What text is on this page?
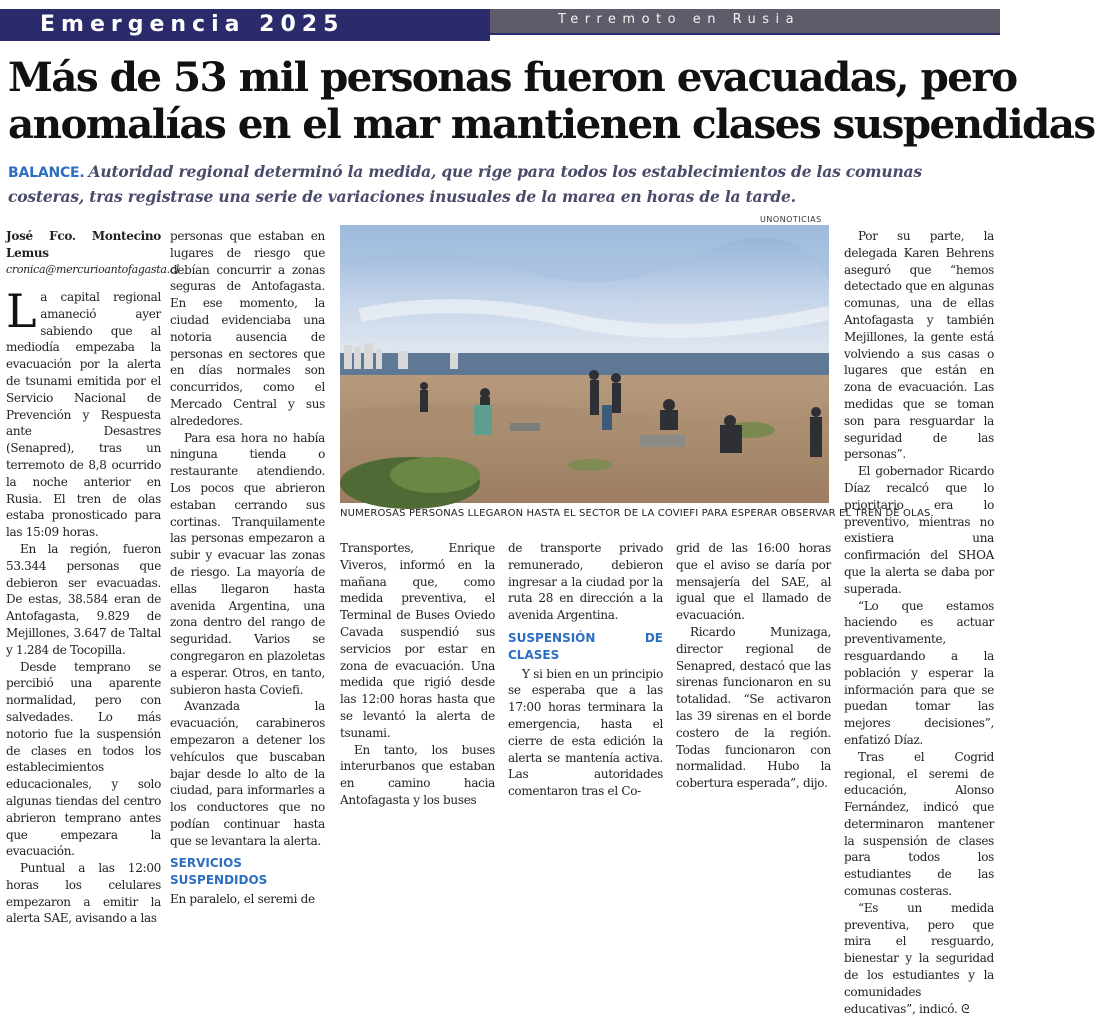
Emergencia 2025	Terremoto en Rusia
Más de 53 mil personas fueron evacuadas, pero
anomalías en el mar mantienen clases suspendidas
BALANCE. Autoridad regional determinó la medida, que rige para todos los establecimientos de las comunas costeras, tras registrase una serie de variaciones inusuales de la marea en horas de la tarde.
José Fco. Montecino Lemus
cronica@mercurioantofagasta.cl

La capital regional amaneció ayer sabiendo que al mediodía empezaba la evacuación por la alerta de tsunami emitida por el Servicio Nacional de Prevención y Respuesta ante Desastres (Senapred), tras un terremoto de 8,8 ocurrido la noche anterior en Rusia. El tren de olas estaba pronosticado para las 15:09 horas.

En la región, fueron 53.344 personas que debieron ser evacuadas. De estas, 38.584 eran de Antofagasta, 9.829 de Mejillones, 3.647 de Taltal y 1.284 de Tocopilla.

Desde temprano se percibió una aparente normalidad, pero con salvedades. Lo más notorio fue la suspensión de clases en todos los establecimientos educacionales, y solo algunas tiendas del centro abrieron temprano antes que empezara la evacuación.

Puntual a las 12:00 horas los celulares empezaron a emitir la alerta SAE, avisando a las

personas que estaban en lugares de riesgo que debían concurrir a zonas seguras de Antofagasta. En ese momento, la ciudad evidenciaba una notoria ausencia de personas en sectores que en días normales son concurridos, como el Mercado Central y sus alrededores.

Para esa hora no había ninguna tienda o restaurante atendiendo. Los pocos que abrieron estaban cerrando sus cortinas. Tranquilamente las personas empezaron a subir y evacuar las zonas de riesgo. La mayoría de ellas llegaron hasta avenida Argentina, una zona dentro del rango de seguridad. Varios se congregaron en plazoletas a esperar. Otros, en tanto, subieron hasta Coviefi.

Avanzada la evacuación, carabineros empezaron a detener los vehículos que buscaban bajar desde lo alto de la ciudad, para informarles a los conductores que no podían continuar hasta que se levantara la alerta.

SERVICIOS SUSPENDIDOS

En paralelo, el seremi de

UNONOTICIAS
NUMEROSAS PERSONAS LLEGARON HASTA EL SECTOR DE LA COVIEFI PARA ESPERAR OBSERVAR EL TREN DE OLAS.

Transportes, Enrique Viveros, informó en la mañana que, como medida preventiva, el Terminal de Buses Oviedo Cavada suspendió sus servicios por estar en zona de evacuación. Una medida que rigió desde las 12:00 horas hasta que se levantó la alerta de tsunami.

En tanto, los buses interurbanos que estaban en camino hacia Antofagasta y los buses

de transporte privado remunerado, debieron ingresar a la ciudad por la ruta 28 en dirección a la avenida Argentina.

SUSPENSIÓN DE CLASES

Y si bien en un principio se esperaba que a las 17:00 horas terminara la emergencia, hasta el cierre de esta edición la alerta se mantenía activa. Las autoridades comentaron tras el Co-

grid de las 16:00 horas que el aviso se daría por mensajería del SAE, al igual que el llamado de evacuación.

Ricardo Munizaga, director regional de Senapred, destacó que las sirenas funcionaron en su totalidad. “Se activaron las 39 sirenas en el borde costero de la región. Todas funcionaron con normalidad. Hubo la cobertura esperada”, dijo.

Por su parte, la delegada Karen Behrens aseguró que “hemos detectado que en algunas comunas, una de ellas Antofagasta y también Mejillones, la gente está volviendo a sus casas o lugares que están en zona de evacuación. Las medidas que se toman son para resguardar la seguridad de las personas”.

El gobernador Ricardo Díaz recalcó que lo prioritario era lo preventivo, mientras no existiera una confirmación del SHOA que la alerta se daba por superada.

“Lo que estamos haciendo es actuar preventivamente, resguardando a la población y esperar la información para que se puedan tomar las mejores decisiones”, enfatizó Díaz.

Tras el Cogrid regional, el seremi de educación, Alonso Fernández, indicó que determinaron mantener la suspensión de clases para todos los estudiantes de las comunas costeras.

“Es un medida preventiva, pero que mira el resguardo, bienestar y la seguridad de los estudiantes y la comunidades educativas”, indicó. ᘓ
